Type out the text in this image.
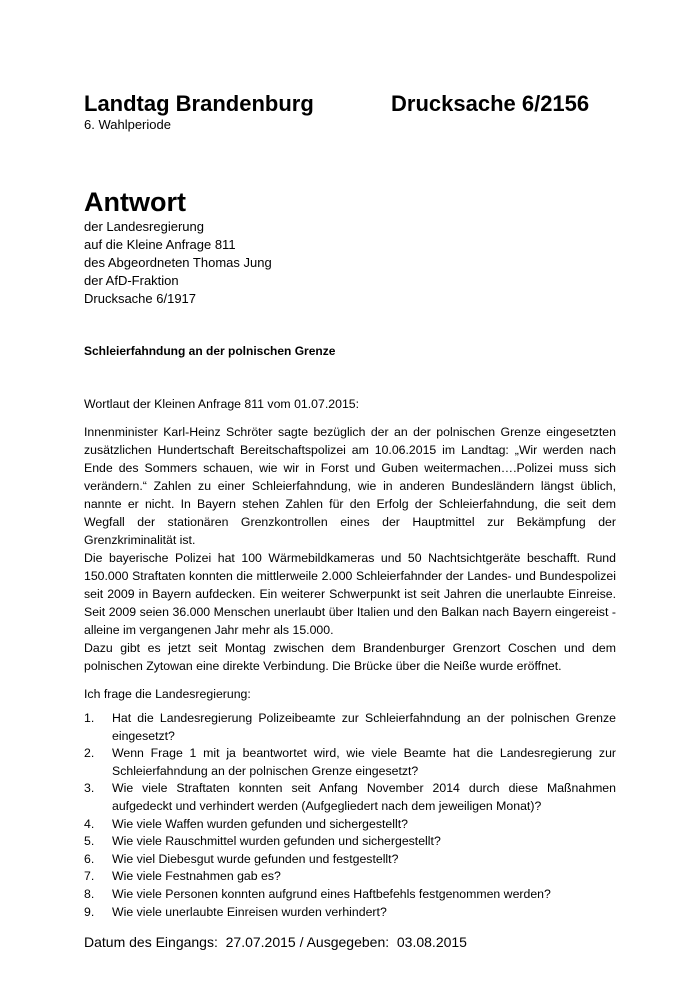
Landtag Brandenburg	Drucksache 6/2156
6. Wahlperiode
Antwort
der Landesregierung
auf die Kleine Anfrage 811
des Abgeordneten Thomas Jung
der AfD-Fraktion
Drucksache 6/1917
Schleierfahndung an der polnischen Grenze
Wortlaut der Kleinen Anfrage 811 vom 01.07.2015:

Innenminister Karl-Heinz Schröter sagte bezüglich der an der polnischen Grenze eingesetzten zusätzlichen Hundertschaft Bereitschaftspolizei am 10.06.2015 im Landtag: „Wir werden nach Ende des Sommers schauen, wie wir in Forst und Guben weitermachen….Polizei muss sich verändern.“ Zahlen zu einer Schleierfahndung, wie in anderen Bundesländern längst üblich, nannte er nicht. In Bayern stehen Zahlen für den Erfolg der Schleierfahndung, die seit dem Wegfall der stationären Grenzkontrollen eines der Hauptmittel zur Bekämpfung der Grenzkriminalität ist.

Die bayerische Polizei hat 100 Wärmebildkameras und 50 Nachtsichtgeräte beschafft. Rund 150.000 Straftaten konnten die mittlerweile 2.000 Schleierfahnder der Landes- und Bundespolizei seit 2009 in Bayern aufdecken. Ein weiterer Schwerpunkt ist seit Jahren die unerlaubte Einreise. Seit 2009 seien 36.000 Menschen unerlaubt über Italien und den Balkan nach Bayern eingereist - alleine im vergangenen Jahr mehr als 15.000.

Dazu gibt es jetzt seit Montag zwischen dem Brandenburger Grenzort Coschen und dem polnischen Zytowan eine direkte Verbindung. Die Brücke über die Neiße wurde eröffnet.

Ich frage die Landesregierung:
1.	Hat die Landesregierung Polizeibeamte zur Schleierfahndung an der polnischen Grenze eingesetzt?
2.	Wenn Frage 1 mit ja beantwortet wird, wie viele Beamte hat die Landesregierung zur Schleierfahndung an der polnischen Grenze eingesetzt?
3.	Wie viele Straftaten konnten seit Anfang November 2014 durch diese Maßnahmen aufgedeckt und verhindert werden (Aufgegliedert nach dem jeweiligen Monat)?
4.	Wie viele Waffen wurden gefunden und sichergestellt?
5.	Wie viele Rauschmittel wurden gefunden und sichergestellt?
6.	Wie viel Diebesgut wurde gefunden und festgestellt?
7.	Wie viele Festnahmen gab es?
8.	Wie viele Personen konnten aufgrund eines Haftbefehls festgenommen werden?
9.	Wie viele unerlaubte Einreisen wurden verhindert?
Datum des Eingangs:  27.07.2015 / Ausgegeben:  03.08.2015
